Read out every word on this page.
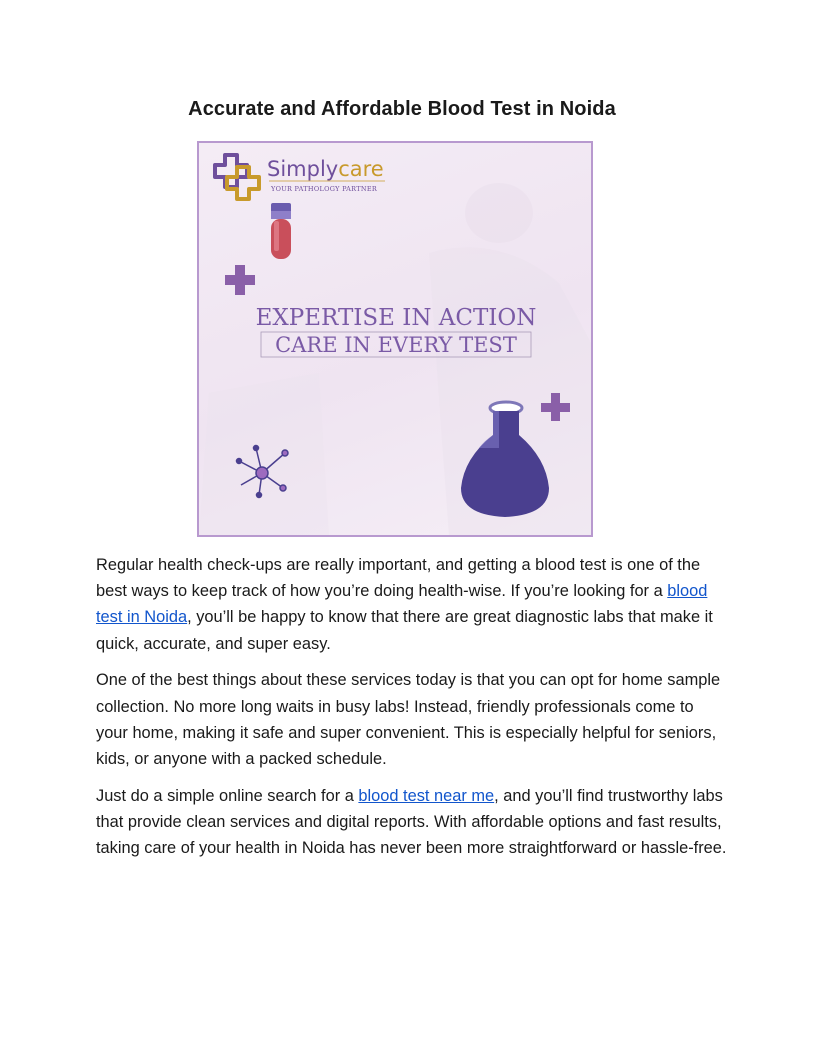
Accurate and Affordable Blood Test in Noida
Simplycare
YOUR PATHOLOGY PARTNER
EXPERTISE IN ACTION
CARE IN EVERY TEST

Regular health check-ups are really important, and getting a blood test is one of the best ways to keep track of how you’re doing health-wise. If you’re looking for a blood test in Noida, you’ll be happy to know that there are great diagnostic labs that make it quick, accurate, and super easy.

One of the best things about these services today is that you can opt for home sample collection. No more long waits in busy labs! Instead, friendly professionals come to your home, making it safe and super convenient. This is especially helpful for seniors, kids, or anyone with a packed schedule.

Just do a simple online search for a blood test near me, and you’ll find trustworthy labs that provide clean services and digital reports. With affordable options and fast results, taking care of your health in Noida has never been more straightforward or hassle-free.
